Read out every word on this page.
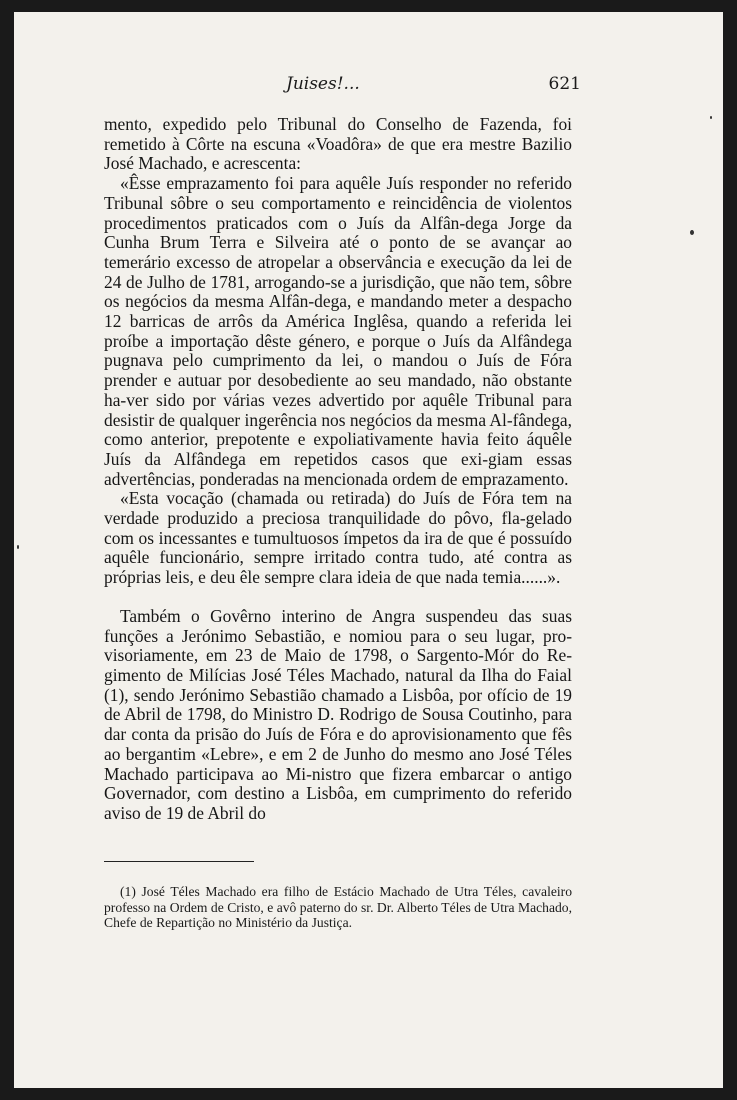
Juises!...	621

mento, expedido pelo Tribunal do Conselho de Fazenda, foi remetido à Côrte na escuna «Voadôra» de que era mestre Bazilio José Machado, e acrescenta:

«Êsse emprazamento foi para aquêle Juís responder no referido Tribunal sôbre o seu comportamento e reincidência de violentos procedimentos praticados com o Juís da Alfân-dega Jorge da Cunha Brum Terra e Silveira até o ponto de se avançar ao temerário excesso de atropelar a observância e execução da lei de 24 de Julho de 1781, arrogando-se a jurisdição, que não tem, sôbre os negócios da mesma Alfân-dega, e mandando meter a despacho 12 barricas de arrôs da América Inglêsa, quando a referida lei proíbe a importação dêste género, e porque o Juís da Alfândega pugnava pelo cumprimento da lei, o mandou o Juís de Fóra prender e autuar por desobediente ao seu mandado, não obstante ha-ver sido por várias vezes advertido por aquêle Tribunal para desistir de qualquer ingerência nos negócios da mesma Al-fândega, como anterior, prepotente e expoliativamente havia feito áquêle Juís da Alfândega em repetidos casos que exi-giam essas advertências, ponderadas na mencionada ordem de emprazamento.

«Esta vocação (chamada ou retirada) do Juís de Fóra tem na verdade produzido a preciosa tranquilidade do pôvo, fla-gelado com os incessantes e tumultuosos ímpetos da ira de que é possuído aquêle funcionário, sempre irritado contra tudo, até contra as próprias leis, e deu êle sempre clara ideia de que nada temia......».

Também o Govêrno interino de Angra suspendeu das suas funções a Jerónimo Sebastião, e nomiou para o seu lugar, pro-visoriamente, em 23 de Maio de 1798, o Sargento-Mór do Re-gimento de Milícias José Téles Machado, natural da Ilha do Faial (1), sendo Jerónimo Sebastião chamado a Lisbôa, por ofício de 19 de Abril de 1798, do Ministro D. Rodrigo de Sousa Coutinho, para dar conta da prisão do Juís de Fóra e do aprovisionamento que fês ao bergantim «Lebre», e em 2 de Junho do mesmo ano José Téles Machado participava ao Mi-nistro que fizera embarcar o antigo Governador, com destino a Lisbôa, em cumprimento do referido aviso de 19 de Abril do

(1) José Téles Machado era filho de Estácio Machado de Utra Téles, cavaleiro professo na Ordem de Cristo, e avô paterno do sr. Dr. Alberto Téles de Utra Machado, Chefe de Repartição no Ministério da Justiça.
